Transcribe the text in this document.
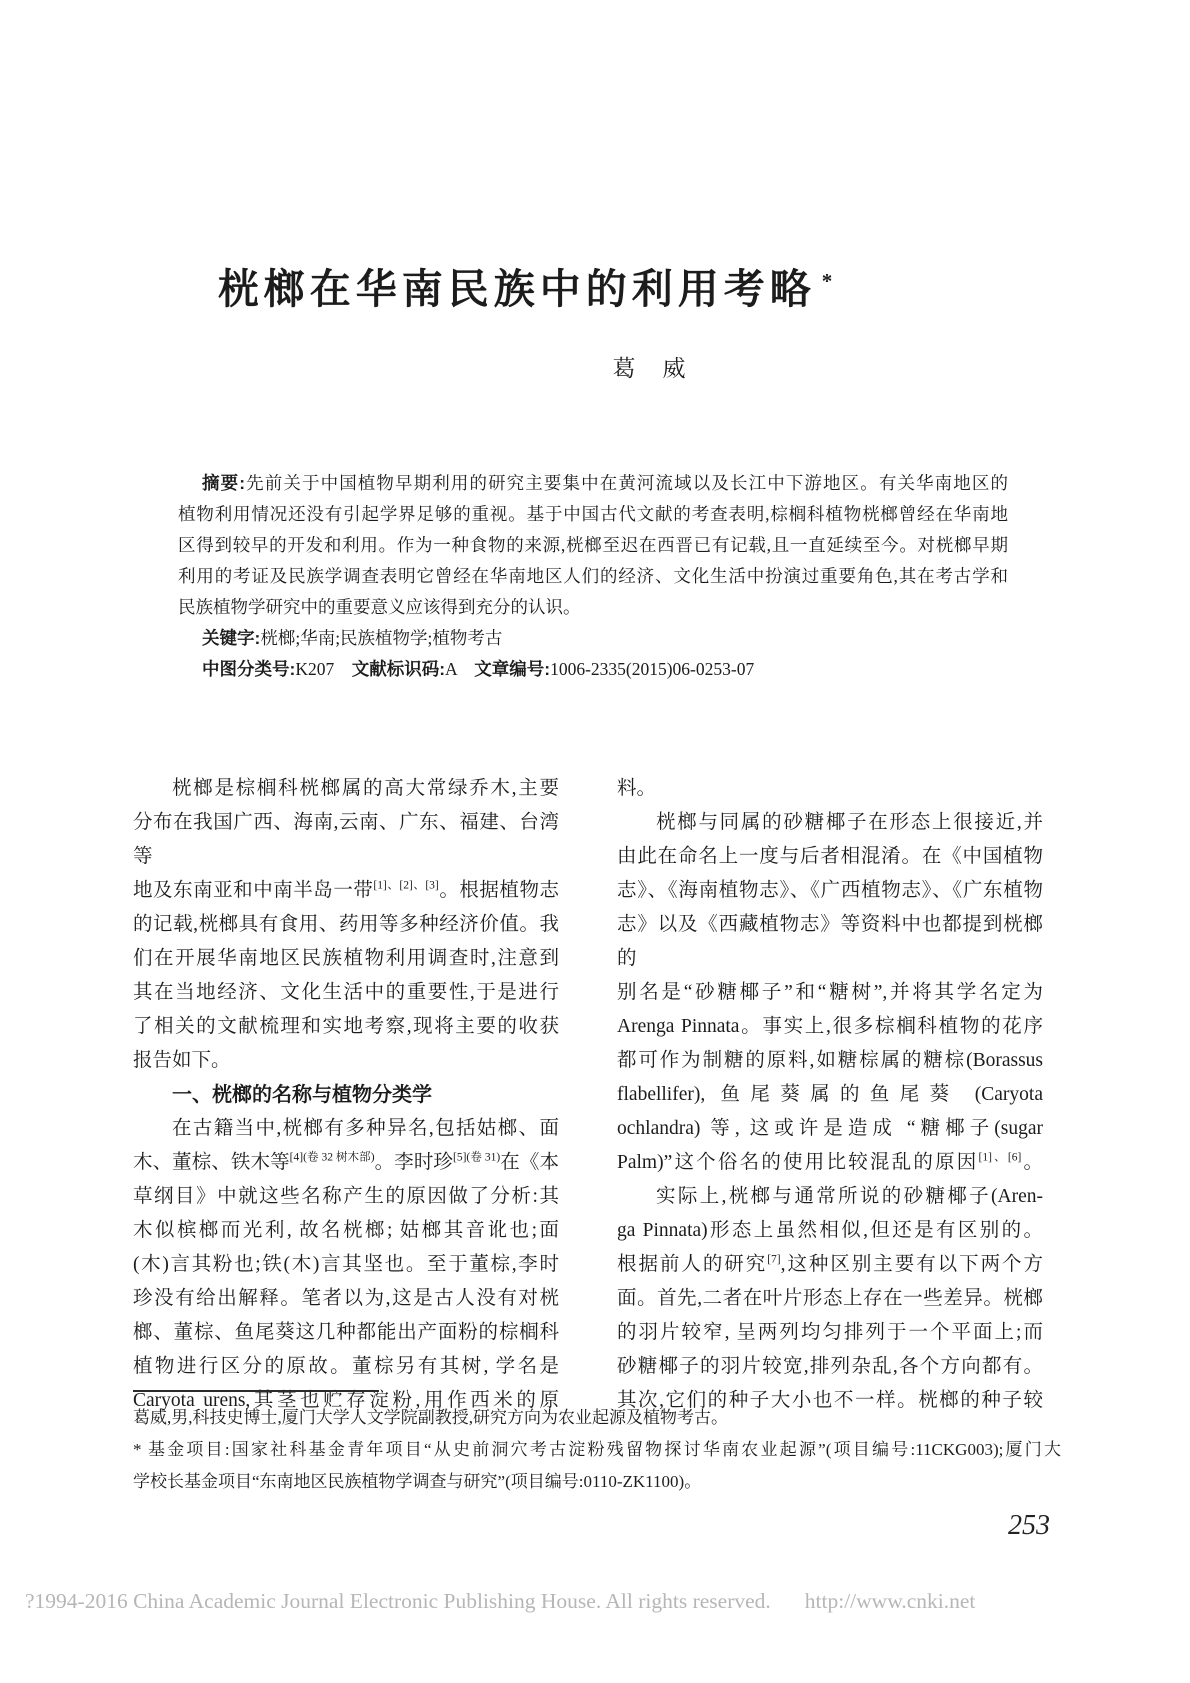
桄榔在华南民族中的利用考略 *
葛　威
摘要:先前关于中国植物早期利用的研究主要集中在黄河流域以及长江中下游地区。有关华南地区的
植物利用情况还没有引起学界足够的重视。基于中国古代文献的考查表明,棕榈科植物桄榔曾经在华南地
区得到较早的开发和利用。作为一种食物的来源,桄榔至迟在西晋已有记载,且一直延续至今。对桄榔早期
利用的考证及民族学调查表明它曾经在华南地区人们的经济、文化生活中扮演过重要角色,其在考古学和
民族植物学研究中的重要意义应该得到充分的认识。
关键字:桄榔;华南;民族植物学;植物考古
中图分类号:K207　文献标识码:A　文章编号:1006-2335(2015)06-0253-07
桄榔是棕榈科桄榔属的高大常绿乔木,主要
分布在我国广西、海南,云南、广东、福建、台湾等
地及东南亚和中南半岛一带[1]、[2]、[3]。根据植物志
的记载,桄榔具有食用、药用等多种经济价值。我
们在开展华南地区民族植物利用调查时,注意到
其在当地经济、文化生活中的重要性,于是进行
了相关的文献梳理和实地考察,现将主要的收获
报告如下。
一、桄榔的名称与植物分类学
在古籍当中,桄榔有多种异名,包括姑榔、面
木、董棕、铁木等$^{[4](卷 32 树木部)}$。李时珍$^{[5](卷 31)}$在《本
草纲目》中就这些名称产生的原因做了分析:其
木似槟榔而光利, 故名桄榔; 姑榔其音讹也;面
(木)言其粉也;铁(木)言其坚也。至于董棕,李时
珍没有给出解释。笔者以为,这是古人没有对桄
榔、董棕、鱼尾葵这几种都能出产面粉的棕榈科
植物进行区分的原故。董棕另有其树, 学名是
Caryota urens,其茎也贮存淀粉,用作西米的原
料。
桄榔与同属的砂糖椰子在形态上很接近,并
由此在命名上一度与后者相混淆。在《中国植物
志》、《海南植物志》、《广西植物志》、《广东植物
志》以及《西藏植物志》等资料中也都提到桄榔的
别名是“砂糖椰子”和“糖树”,并将其学名定为
Arenga Pinnata。事实上,很多棕榈科植物的花序
都可作为制糖的原料,如糖棕属的糖棕(Borassus
flabellifer), 鱼尾葵属的鱼尾葵 (Caryota
ochlandra) 等, 这或许是造成 “糖椰子(sugar
Palm)”这个俗名的使用比较混乱的原因[1]、[6]。
实际上,桄榔与通常所说的砂糖椰子(Aren-
ga Pinnata)形态上虽然相似,但还是有区别的。
根据前人的研究[7],这种区别主要有以下两个方
面。首先,二者在叶片形态上存在一些差异。桄榔
的羽片较窄, 呈两列均匀排列于一个平面上;而
砂糖椰子的羽片较宽,排列杂乱,各个方向都有。
其次,它们的种子大小也不一样。桄榔的种子较
葛威,男,科技史博士,厦门大学人文学院副教授,研究方向为农业起源及植物考古。
* 基金项目:国家社科基金青年项目“从史前洞穴考古淀粉残留物探讨华南农业起源”(项目编号:11CKG003);厦门大
学校长基金项目“东南地区民族植物学调查与研究”(项目编号:0110-ZK1100)。
253
?1994-2016 China Academic Journal Electronic Publishing House. All rights reserved. http://www.cnki.net
